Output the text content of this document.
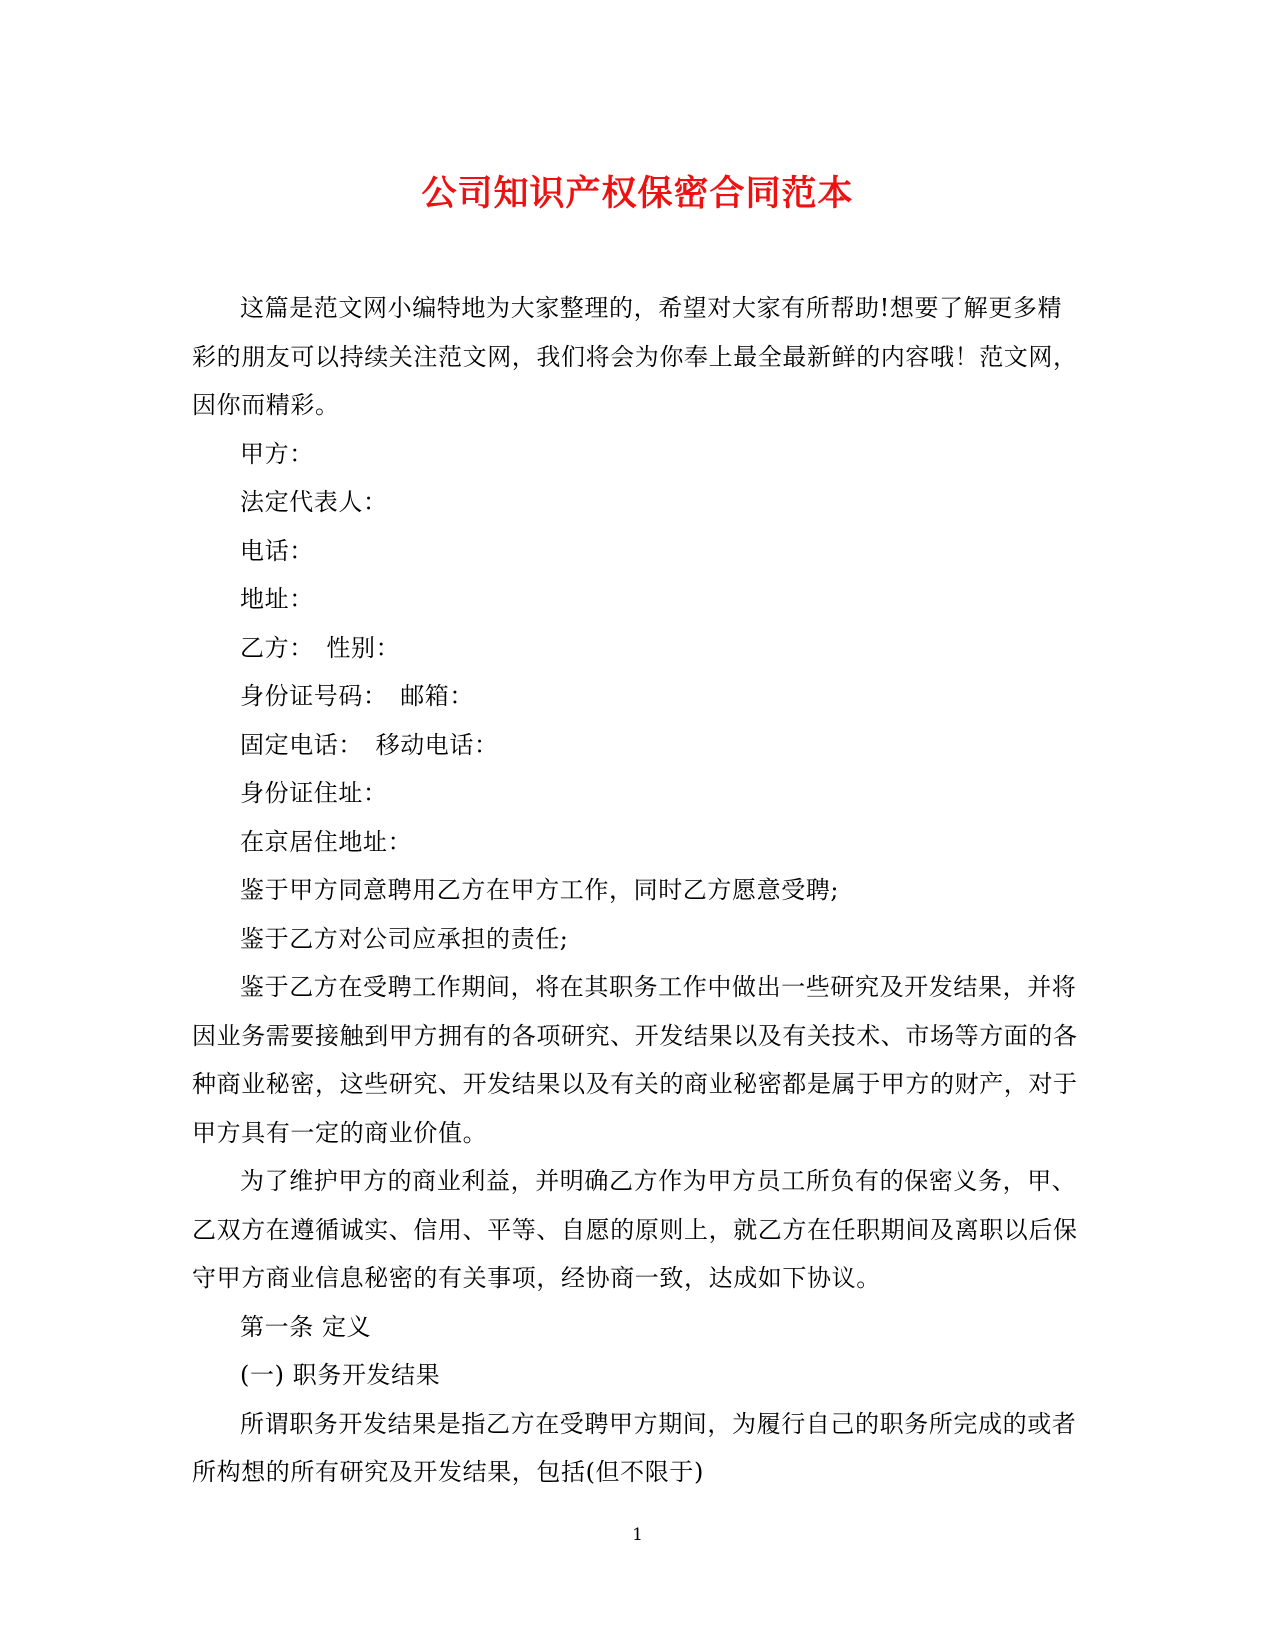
公司知识产权保密合同范本

这篇是范文网小编特地为大家整理的，希望对大家有所帮助!想要了解更多精彩的朋友可以持续关注范文网，我们将会为你奉上最全最新鲜的内容哦！范文网，因你而精彩。

甲方：

法定代表人：

电话：

地址：

乙方：　性别：

身份证号码：　邮箱：

固定电话：　移动电话：

身份证住址：

在京居住地址：

鉴于甲方同意聘用乙方在甲方工作，同时乙方愿意受聘;

鉴于乙方对公司应承担的责任;

鉴于乙方在受聘工作期间，将在其职务工作中做出一些研究及开发结果，并将因业务需要接触到甲方拥有的各项研究、开发结果以及有关技术、市场等方面的各种商业秘密，这些研究、开发结果以及有关的商业秘密都是属于甲方的财产，对于甲方具有一定的商业价值。

为了维护甲方的商业利益，并明确乙方作为甲方员工所负有的保密义务，甲、乙双方在遵循诚实、信用、平等、自愿的原则上，就乙方在任职期间及离职以后保守甲方商业信息秘密的有关事项，经协商一致，达成如下协议。

第一条 定义

(一) 职务开发结果

所谓职务开发结果是指乙方在受聘甲方期间，为履行自己的职务所完成的或者所构想的所有研究及开发结果，包括(但不限于)

1
